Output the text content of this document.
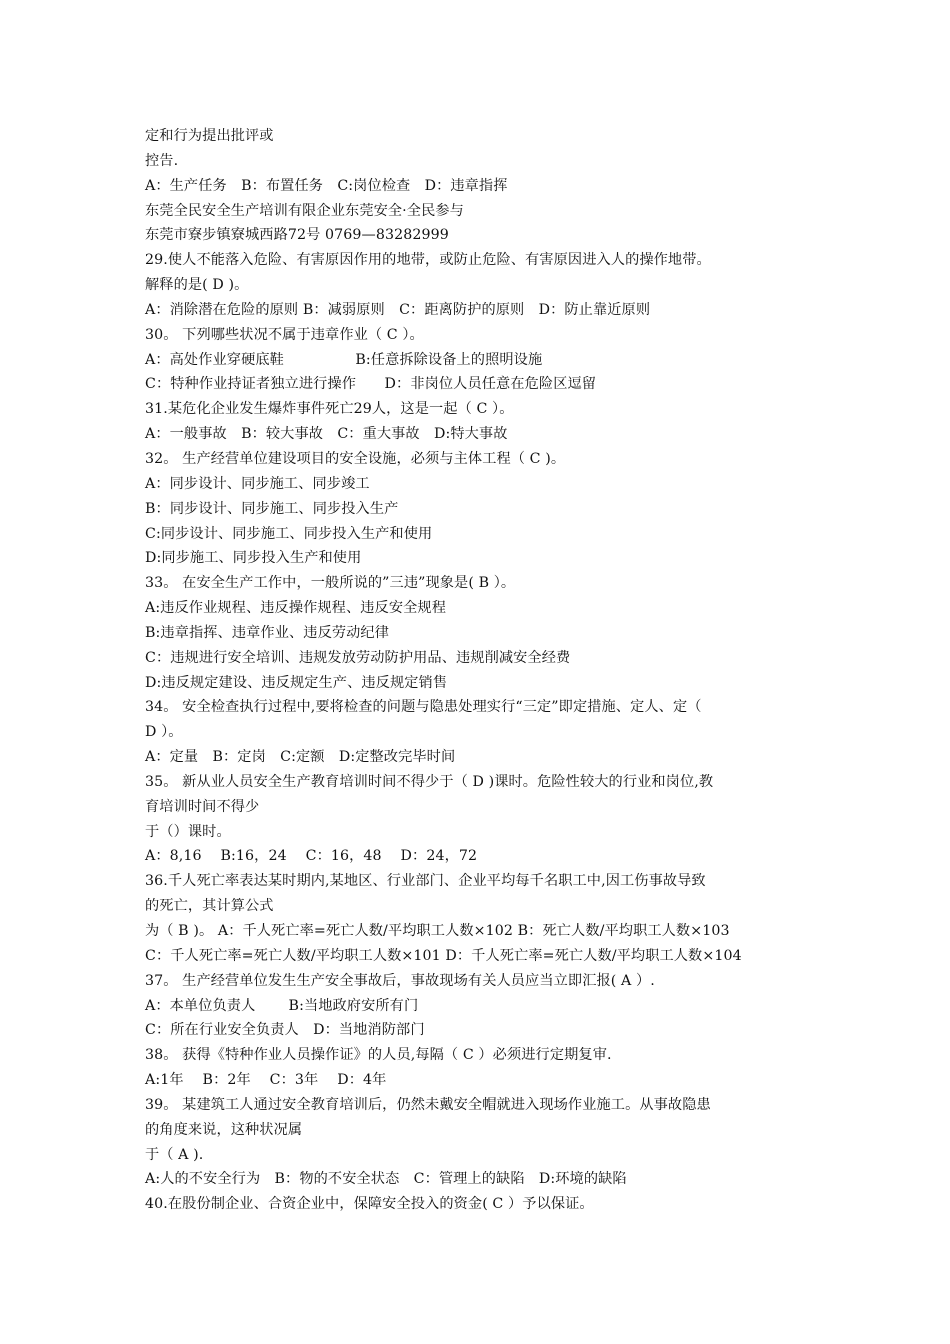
定和行为提出批评或
控告.
A：生产任务　B：布置任务　C:岗位检查　D：违章指挥
东莞全民安全生产培训有限企业东莞安全·全民参与
东莞市寮步镇寮城西路72号 0769—83282999
29.使人不能落入危险、有害原因作用的地带，或防止危险、有害原因进入人的操作地带。
解释的是( D )。
A：消除潜在危险的原则 B：减弱原则　C：距离防护的原则　D：防止靠近原则
30。 下列哪些状况不属于违章作业（ C ）。
A：高处作业穿硬底鞋　　　　　B:任意拆除设备上的照明设施
C：特种作业持证者独立进行操作　　D：非岗位人员任意在危险区逗留
31.某危化企业发生爆炸事件死亡29人，这是一起（ C ）。
A：一般事故　B：较大事故　C：重大事故　D:特大事故
32。 生产经营单位建设项目的安全设施，必须与主体工程（ C )。
A：同步设计、同步施工、同步竣工
B：同步设计、同步施工、同步投入生产
C:同步设计、同步施工、同步投入生产和使用
D:同步施工、同步投入生产和使用
33。 在安全生产工作中，一般所说的”三违”现象是( B ）。
A:违反作业规程、违反操作规程、违反安全规程
B:违章指挥、违章作业、违反劳动纪律
C：违规进行安全培训、违规发放劳动防护用品、违规削减安全经费
D:违反规定建设、违反规定生产、违反规定销售
34。 安全检查执行过程中,要将检查的问题与隐患处理实行“三定”即定措施、定人、定（
D ）。
A：定量　B：定岗　C:定额　D:定整改完毕时间
35。 新从业人员安全生产教育培训时间不得少于（ D )课时。危险性较大的行业和岗位,教
育培训时间不得少
于（）课时。
A：8,16　 B:16，24　 C：16，48　 D：24，72
36.千人死亡率表达某时期内,某地区、行业部门、企业平均每千名职工中,因工伤事故导致
的死亡，其计算公式
为（ B )。 A：千人死亡率=死亡人数/平均职工人数×102 B：死亡人数/平均职工人数×103
C：千人死亡率=死亡人数/平均职工人数×101 D：千人死亡率=死亡人数/平均职工人数×104
37。 生产经营单位发生生产安全事故后，事故现场有关人员应当立即汇报( A ）.
A：本单位负责人　　 B:当地政府安所有门
C：所在行业安全负责人　D：当地消防部门
38。 获得《特种作业人员操作证》的人员,每隔（ C ）必须进行定期复审.
A:1年　 B：2年　 C：3年　 D：4年
39。 某建筑工人通过安全教育培训后，仍然未戴安全帽就进入现场作业施工。从事故隐患
的角度来说，这种状况属
于（ A ).
A:人的不安全行为　B：物的不安全状态　C：管理上的缺陷　D:环境的缺陷
40.在股份制企业、合资企业中，保障安全投入的资金( C ）予以保证。
